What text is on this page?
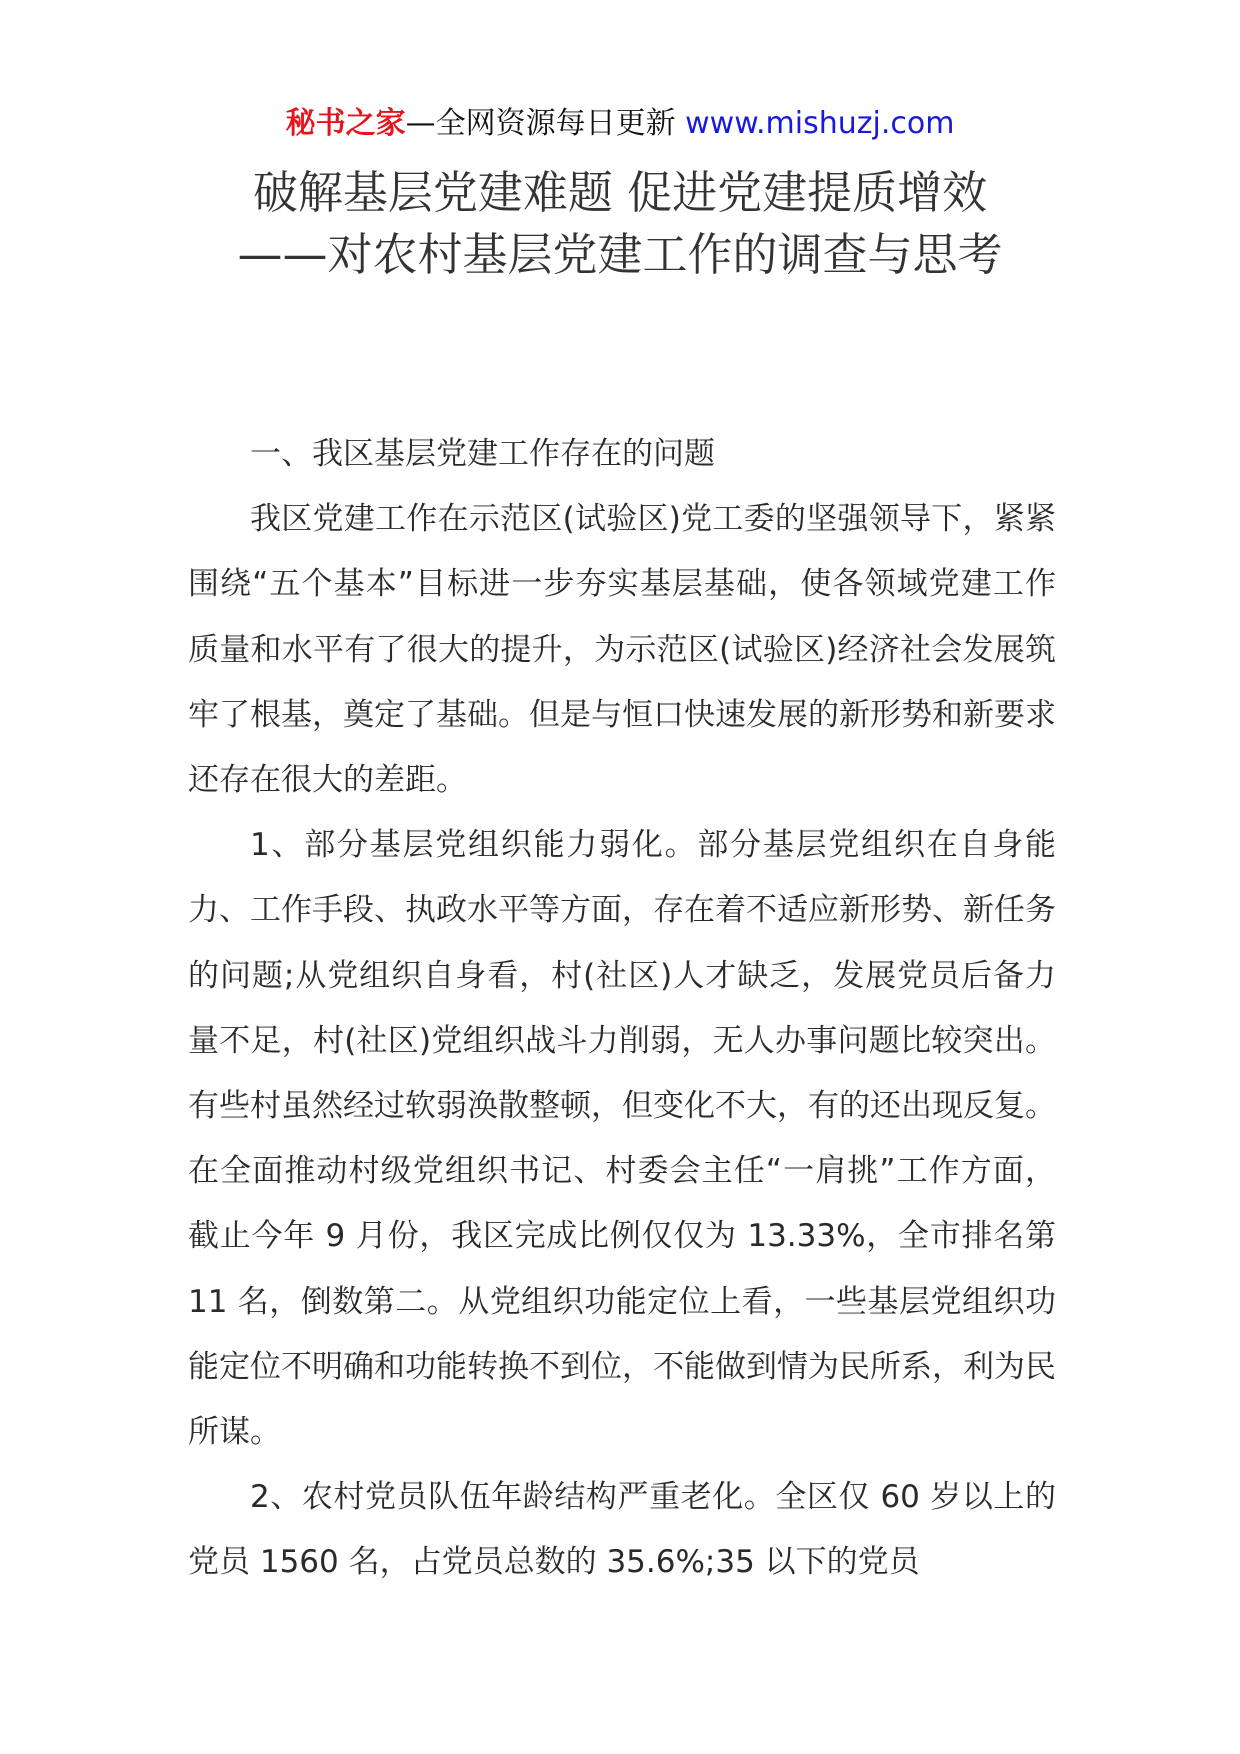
秘书之家—全网资源每日更新 www.mishuzj.com
破解基层党建难题 促进党建提质增效
——对农村基层党建工作的调查与思考

一、我区基层党建工作存在的问题

我区党建工作在示范区(试验区)党工委的坚强领导下，紧紧围绕“五个基本”目标进一步夯实基层基础，使各领域党建工作质量和水平有了很大的提升，为示范区(试验区)经济社会发展筑牢了根基，奠定了基础。但是与恒口快速发展的新形势和新要求还存在很大的差距。

1、部分基层党组织能力弱化。部分基层党组织在自身能力、工作手段、执政水平等方面，存在着不适应新形势、新任务的问题;从党组织自身看，村(社区)人才缺乏，发展党员后备力量不足，村(社区)党组织战斗力削弱，无人办事问题比较突出。有些村虽然经过软弱涣散整顿，但变化不大，有的还出现反复。在全面推动村级党组织书记、村委会主任“一肩挑”工作方面，截止今年 9 月份，我区完成比例仅仅为 13.33%，全市排名第 11 名，倒数第二。从党组织功能定位上看，一些基层党组织功能定位不明确和功能转换不到位，不能做到情为民所系，利为民所谋。

2、农村党员队伍年龄结构严重老化。全区仅 60 岁以上的党员 1560 名，占党员总数的 35.6%;35 以下的党员
